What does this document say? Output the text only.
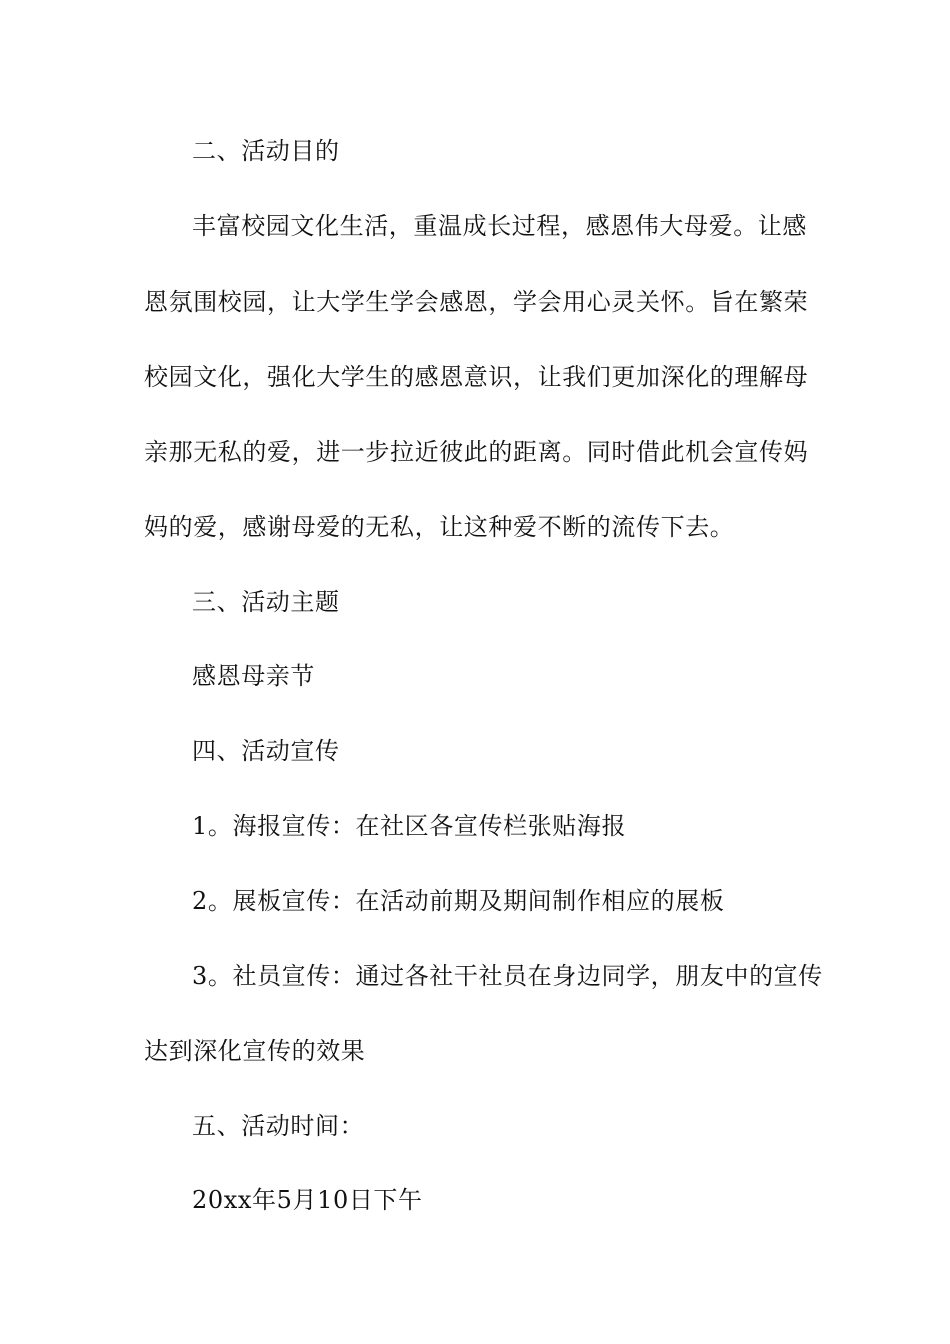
二、活动目的
丰富校园文化生活，重温成长过程，感恩伟大母爱。让感
恩氛围校园，让大学生学会感恩，学会用心灵关怀。旨在繁荣
校园文化，强化大学生的感恩意识，让我们更加深化的理解母
亲那无私的爱，进一步拉近彼此的距离。同时借此机会宣传妈
妈的爱，感谢母爱的无私，让这种爱不断的流传下去。
三、活动主题
感恩母亲节
四、活动宣传
1。海报宣传：在社区各宣传栏张贴海报
2。展板宣传：在活动前期及期间制作相应的展板
3。社员宣传：通过各社干社员在身边同学，朋友中的宣传
达到深化宣传的效果
五、活动时间：
20xx年5月10日下午
